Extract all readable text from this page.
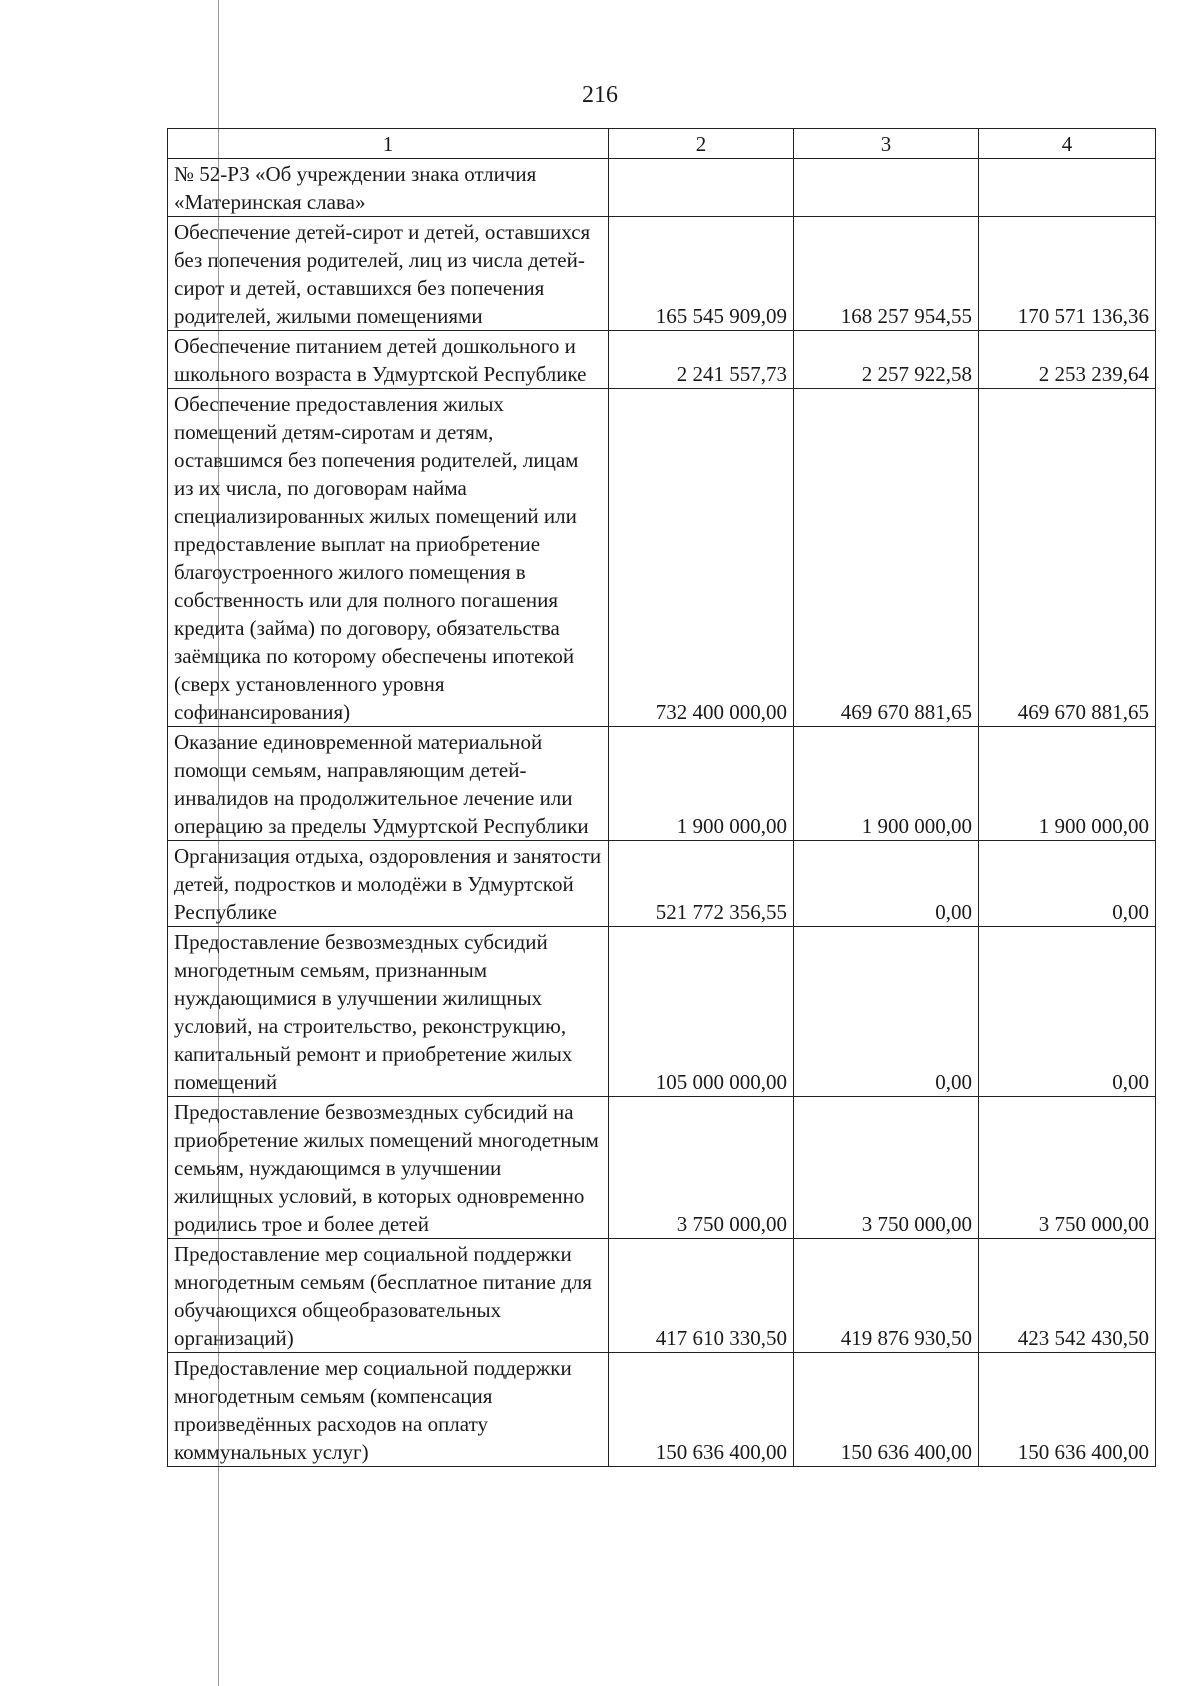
216
1	2	3	4
№ 52-РЗ «Об учреждении знака отличия «Материнская слава»			
Обеспечение детей-сирот и детей, оставшихся без попечения родителей, лиц из числа детей-сирот и детей, оставшихся без попечения родителей, жилыми помещениями	165 545 909,09	168 257 954,55	170 571 136,36
Обеспечение питанием детей дошкольного и школьного возраста в Удмуртской Республике	2 241 557,73	2 257 922,58	2 253 239,64
Обеспечение предоставления жилых помещений детям-сиротам и детям, оставшимся без попечения родителей, лицам из их числа, по договорам найма специализированных жилых помещений или предоставление выплат на приобретение благоустроенного жилого помещения в собственность или для полного погашения кредита (займа) по договору, обязательства заёмщика по которому обеспечены ипотекой (сверх установленного уровня софинансирования)	732 400 000,00	469 670 881,65	469 670 881,65
Оказание единовременной материальной помощи семьям, направляющим детей-инвалидов на продолжительное лечение или операцию за пределы Удмуртской Республики	1 900 000,00	1 900 000,00	1 900 000,00
Организация отдыха, оздоровления и занятости детей, подростков и молодёжи в Удмуртской Республике	521 772 356,55	0,00	0,00
Предоставление безвозмездных субсидий многодетным семьям, признанным нуждающимися в улучшении жилищных условий, на строительство, реконструкцию, капитальный ремонт и приобретение жилых помещений	105 000 000,00	0,00	0,00
Предоставление безвозмездных субсидий на приобретение жилых помещений многодетным семьям, нуждающимся в улучшении жилищных условий, в которых одновременно родились трое и более детей	3 750 000,00	3 750 000,00	3 750 000,00
Предоставление мер социальной поддержки многодетным семьям (бесплатное питание для обучающихся общеобразовательных организаций)	417 610 330,50	419 876 930,50	423 542 430,50
Предоставление мер социальной поддержки многодетным семьям (компенсация произведённых расходов на оплату коммунальных услуг)	150 636 400,00	150 636 400,00	150 636 400,00
